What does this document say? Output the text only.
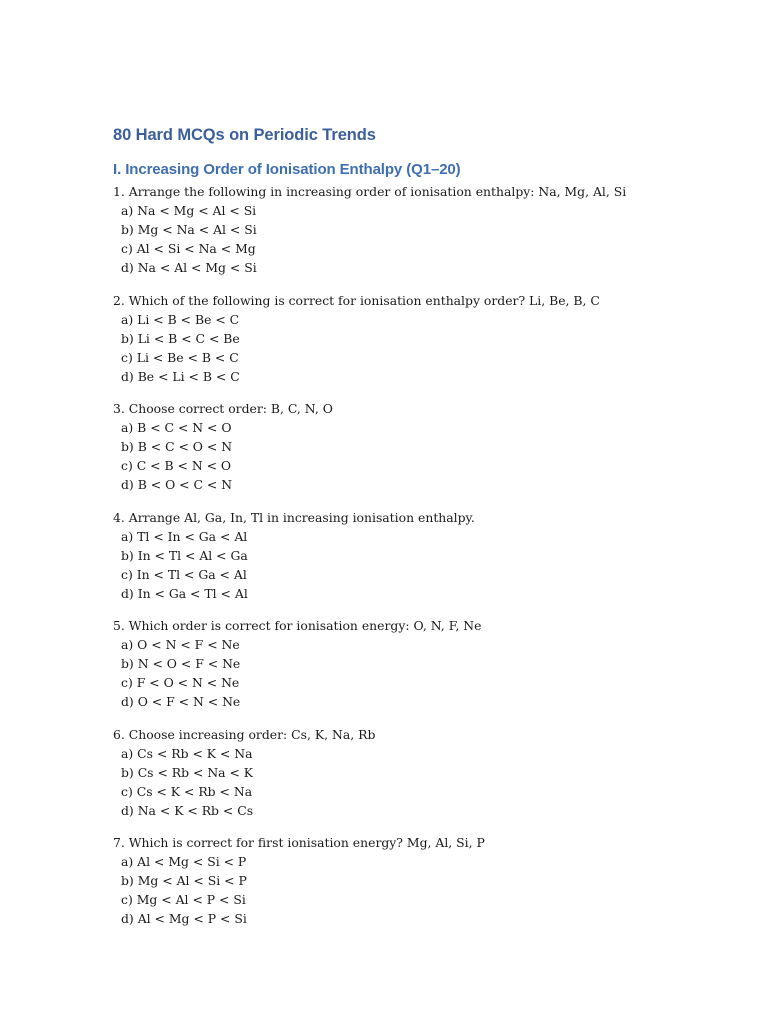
80 Hard MCQs on Periodic Trends
I. Increasing Order of Ionisation Enthalpy (Q1–20)
1. Arrange the following in increasing order of ionisation enthalpy: Na, Mg, Al, Si
a) Na < Mg < Al < Si
b) Mg < Na < Al < Si
c) Al < Si < Na < Mg
d) Na < Al < Mg < Si
2. Which of the following is correct for ionisation enthalpy order? Li, Be, B, C
a) Li < B < Be < C
b) Li < B < C < Be
c) Li < Be < B < C
d) Be < Li < B < C
3. Choose correct order: B, C, N, O
a) B < C < N < O
b) B < C < O < N
c) C < B < N < O
d) B < O < C < N
4. Arrange Al, Ga, In, Tl in increasing ionisation enthalpy.
a) Tl < In < Ga < Al
b) In < Tl < Al < Ga
c) In < Tl < Ga < Al
d) In < Ga < Tl < Al
5. Which order is correct for ionisation energy: O, N, F, Ne
a) O < N < F < Ne
b) N < O < F < Ne
c) F < O < N < Ne
d) O < F < N < Ne
6. Choose increasing order: Cs, K, Na, Rb
a) Cs < Rb < K < Na
b) Cs < Rb < Na < K
c) Cs < K < Rb < Na
d) Na < K < Rb < Cs
7. Which is correct for first ionisation energy? Mg, Al, Si, P
a) Al < Mg < Si < P
b) Mg < Al < Si < P
c) Mg < Al < P < Si
d) Al < Mg < P < Si
